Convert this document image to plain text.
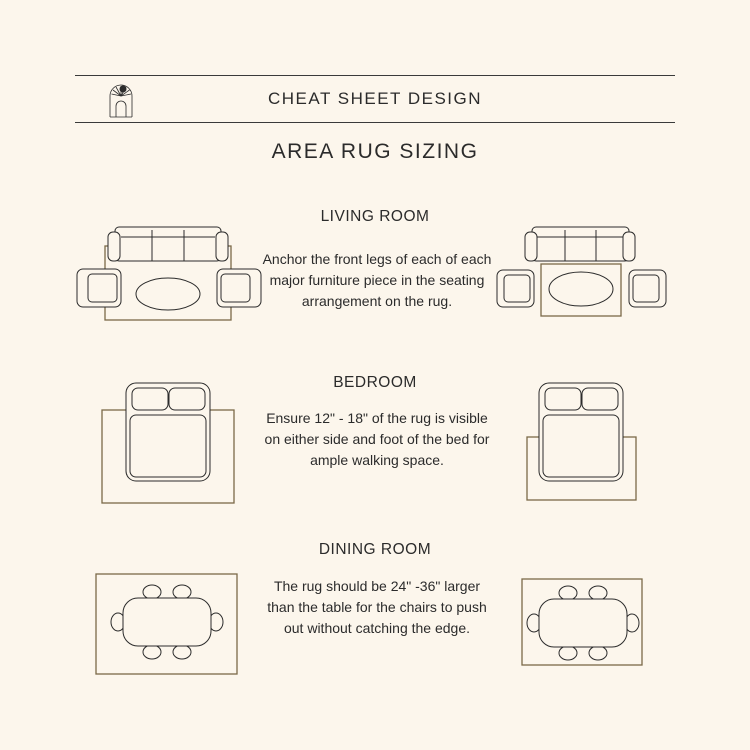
CHEAT SHEET DESIGN
AREA RUG SIZING
LIVING ROOM
Anchor the front legs of each of each major furniture piece in the seating arrangement on the rug.
BEDROOM
Ensure 12" - 18" of the rug is visible on either side and foot of the bed for ample walking space.
DINING ROOM
The rug should be 24" -36" larger than the table for the chairs to push out without catching the edge.
